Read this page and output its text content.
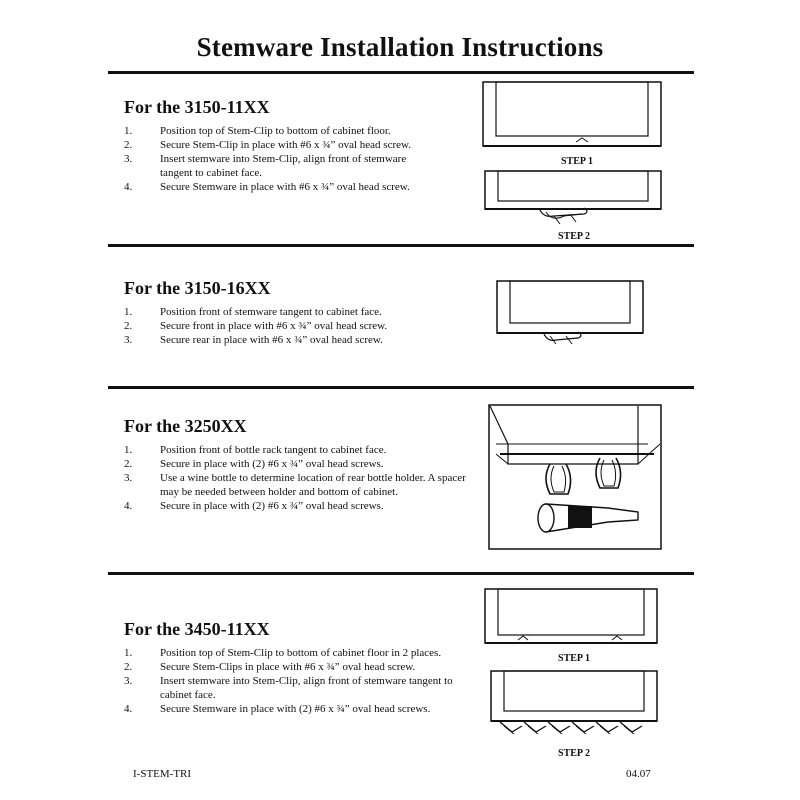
Stemware Installation Instructions
For the 3150-11XX
1.	Position top of Stem-Clip to bottom of cabinet floor.
2.	Secure Stem-Clip in place with #6 x ¾” oval head screw.
3.	Insert stemware into Stem-Clip, align front of stemware tangent to cabinet face.
4.	Secure Stemware in place with #6 x ¾” oval head screw.
STEP 1
STEP 2
For the 3150-16XX
1.	Position front of stemware tangent to cabinet face.
2.	Secure front in place with #6 x ¾” oval head screw.
3.	Secure rear in place with #6 x ¾” oval head screw.
For the 3250XX
1.	Position front of bottle rack tangent to cabinet face.
2.	Secure in place with (2) #6 x ¾” oval head screws.
3.	Use a wine bottle to determine location of rear bottle holder. A spacer may be needed between holder and bottom of cabinet.
4.	Secure in place with (2) #6 x ¾” oval head screws.
For the 3450-11XX
1.	Position top of Stem-Clip to bottom of cabinet floor in 2 places.
2.	Secure Stem-Clips in place with #6 x ¾” oval head screw.
3.	Insert stemware into Stem-Clip, align front of stemware tangent to cabinet face.
4.	Secure Stemware in place with (2) #6 x ¾” oval head screws.
STEP 1
STEP 2
I-STEM-TRI	04.07
